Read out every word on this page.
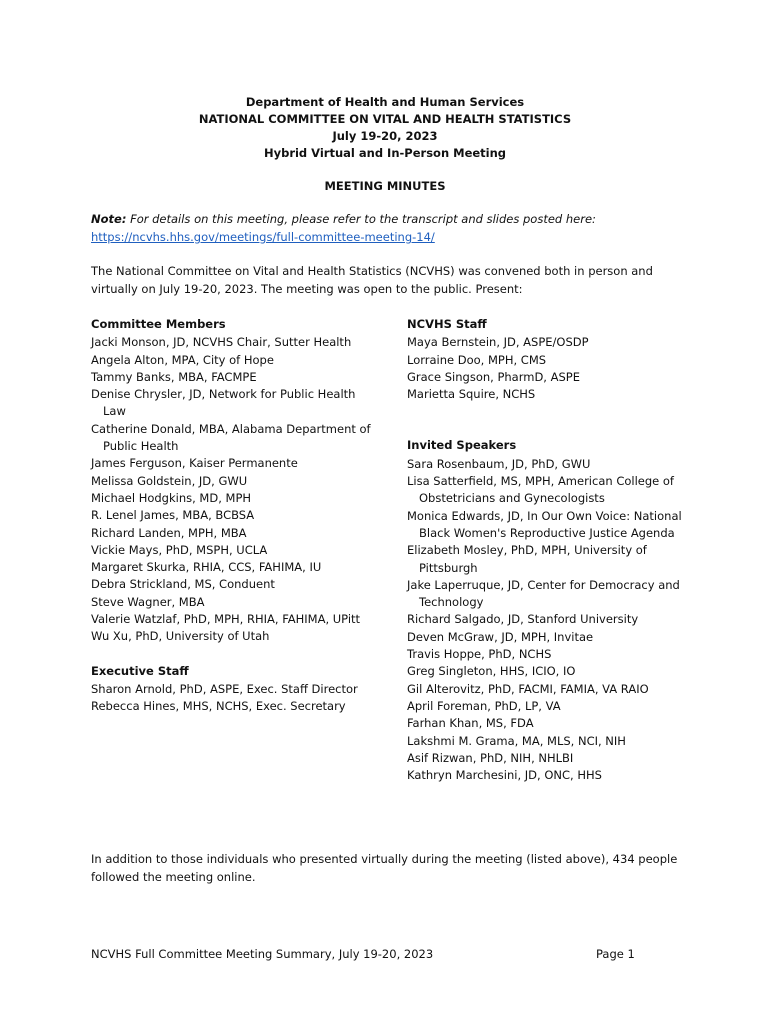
Department of Health and Human Services
NATIONAL COMMITTEE ON VITAL AND HEALTH STATISTICS
July 19-20, 2023
Hybrid Virtual and In-Person Meeting
MEETING MINUTES
Note: For details on this meeting, please refer to the transcript and slides posted here:
https://ncvhs.hhs.gov/meetings/full-committee-meeting-14/
The National Committee on Vital and Health Statistics (NCVHS) was convened both in person and virtually on July 19-20, 2023. The meeting was open to the public. Present:
Committee Members
Jacki Monson, JD, NCVHS Chair, Sutter Health
Angela Alton, MPA, City of Hope
Tammy Banks, MBA, FACMPE
Denise Chrysler, JD, Network for Public Health Law
Catherine Donald, MBA, Alabama Department of Public Health
James Ferguson, Kaiser Permanente
Melissa Goldstein, JD, GWU
Michael Hodgkins, MD, MPH
R. Lenel James, MBA, BCBSA
Richard Landen, MPH, MBA
Vickie Mays, PhD, MSPH, UCLA
Margaret Skurka, RHIA, CCS, FAHIMA, IU
Debra Strickland, MS, Conduent
Steve Wagner, MBA
Valerie Watzlaf, PhD, MPH, RHIA, FAHIMA, UPitt
Wu Xu, PhD, University of Utah
Executive Staff
Sharon Arnold, PhD, ASPE, Exec. Staff Director
Rebecca Hines, MHS, NCHS, Exec. Secretary
NCVHS Staff
Maya Bernstein, JD, ASPE/OSDP
Lorraine Doo, MPH, CMS
Grace Singson, PharmD, ASPE
Marietta Squire, NCHS
Invited Speakers
Sara Rosenbaum, JD, PhD, GWU
Lisa Satterfield, MS, MPH, American College of Obstetricians and Gynecologists
Monica Edwards, JD, In Our Own Voice: National Black Women's Reproductive Justice Agenda
Elizabeth Mosley, PhD, MPH, University of Pittsburgh
Jake Laperruque, JD, Center for Democracy and Technology
Richard Salgado, JD, Stanford University
Deven McGraw, JD, MPH, Invitae
Travis Hoppe, PhD, NCHS
Greg Singleton, HHS, ICIO, IO
Gil Alterovitz, PhD, FACMI, FAMIA, VA RAIO
April Foreman, PhD, LP, VA
Farhan Khan, MS, FDA
Lakshmi M. Grama, MA, MLS, NCI, NIH
Asif Rizwan, PhD, NIH, NHLBI
Kathryn Marchesini, JD, ONC, HHS
In addition to those individuals who presented virtually during the meeting (listed above), 434 people followed the meeting online.
NCVHS Full Committee Meeting Summary, July 19-20, 2023	Page 1
